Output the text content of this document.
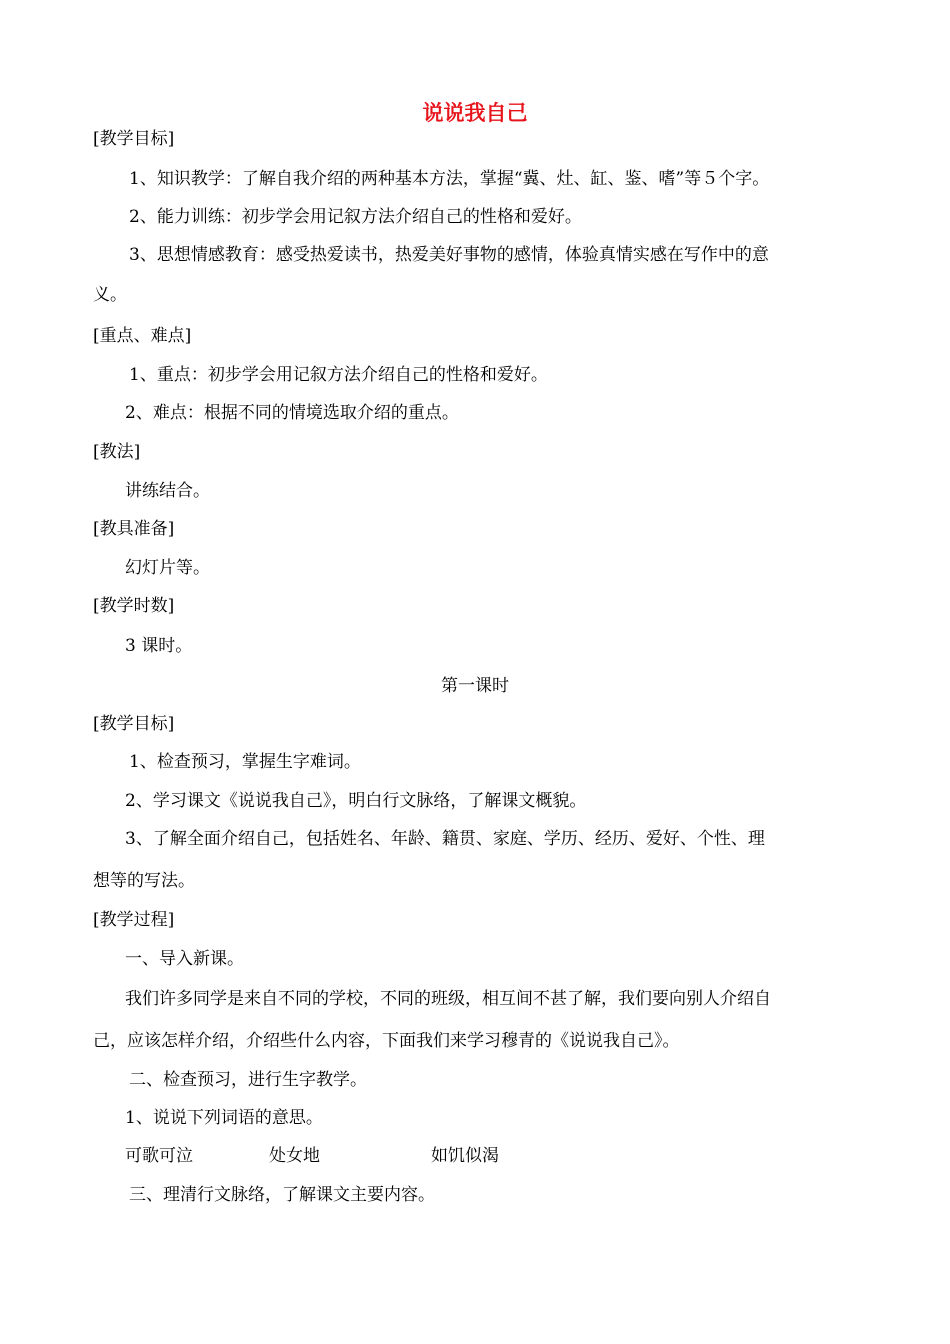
说说我自己
[教学目标]
1、知识教学：了解自我介绍的两种基本方法，掌握“冀、灶、缸、鉴、嗜”等５个字。
2、能力训练：初步学会用记叙方法介绍自己的性格和爱好。
3、思想情感教育：感受热爱读书，热爱美好事物的感情，体验真情实感在写作中的意
义。
[重点、难点]
1、重点：初步学会用记叙方法介绍自己的性格和爱好。
2、难点：根据不同的情境选取介绍的重点。
[教法]
讲练结合。
[教具准备]
幻灯片等。
[教学时数]
3 课时。
第一课时
[教学目标]
1、检查预习，掌握生字难词。
2、学习课文《说说我自己》，明白行文脉络，了解课文概貌。
3、了解全面介绍自己，包括姓名、年龄、籍贯、家庭、学历、经历、爱好、个性、理
想等的写法。
[教学过程]
一、导入新课。
我们许多同学是来自不同的学校，不同的班级，相互间不甚了解，我们要向别人介绍自
己，应该怎样介绍，介绍些什么内容，下面我们来学习穆青的《说说我自己》。
二、检查预习，进行生字教学。
1、说说下列词语的意思。
可歌可泣	处女地	如饥似渴
三、理清行文脉络，了解课文主要内容。
